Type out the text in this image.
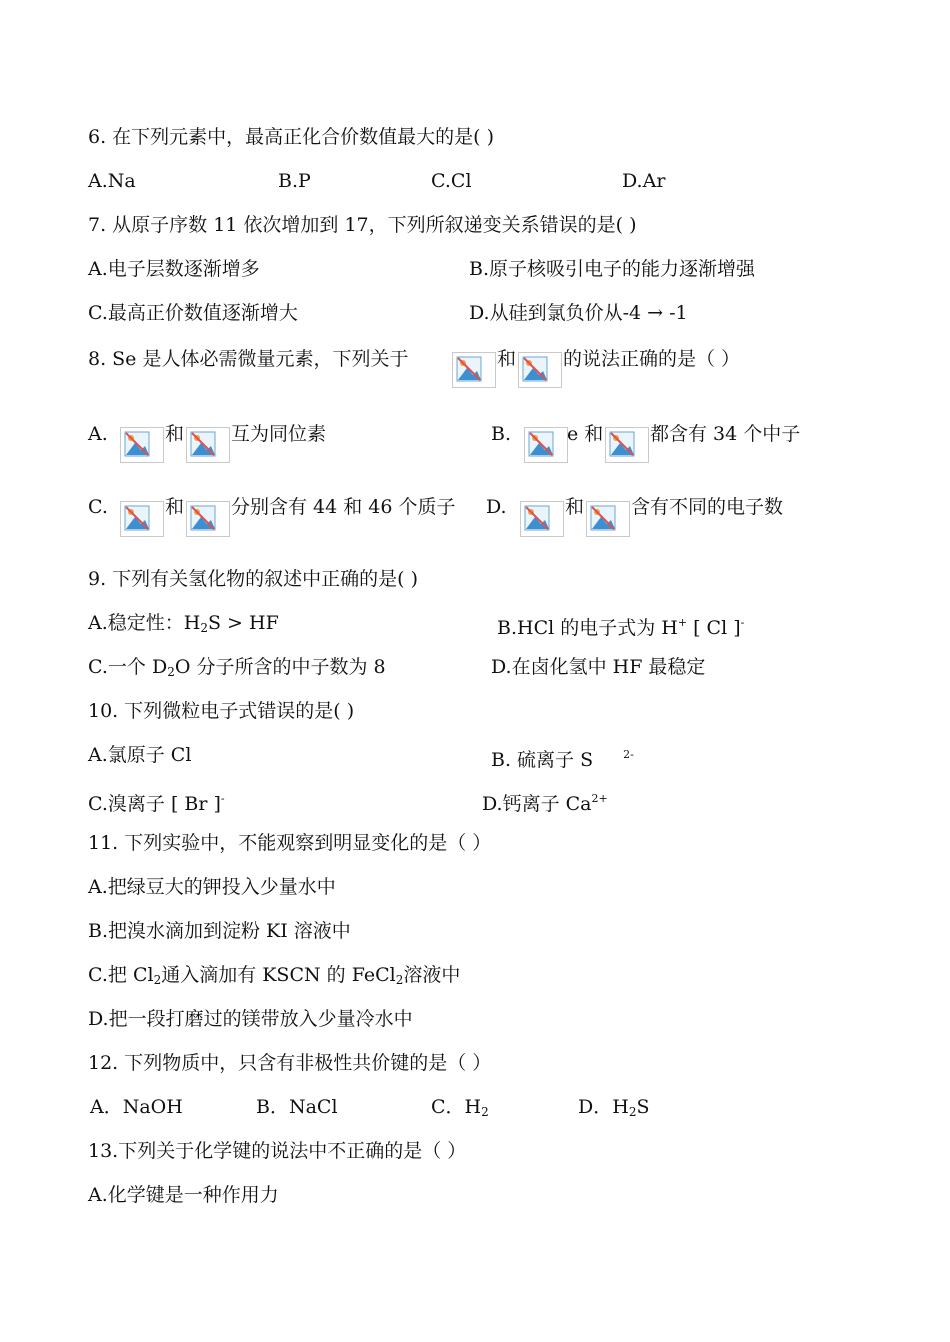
6. 在下列元素中，最高正化合价数值最大的是( )
A.Na	B.P	C.Cl	D.Ar
7. 从原子序数 11 依次增加到 17，下列所叙递变关系错误的是( )
A.电子层数逐渐增多	B.原子核吸引电子的能力逐渐增强
C.最高正价数值逐渐增大	D.从硅到氯负价从-4 → -1
8. Se 是人体必需微量元素，下列关于	和 的说法正确的是（ ）
A.	和 互为同位素	B.	e 和 都含有 34 个中子
C.	和 分别含有 44 和 46 个质子 D.	和 含有不同的电子数
9. 下列有关氢化物的叙述中正确的是( )
A.稳定性：$H_2S$ > HF	B.HCl 的电子式为 H+ [ Cl ]-
C.一个 $D_2O$ 分子所含的中子数为 8	D.在卤化氢中 HF 最稳定
10. 下列微粒电子式错误的是( )
A.氯原子 Cl	B. 硫离子 S	$^{2-}$
C.溴离子 [ Br ]-	D.钙离子 $Ca^{2+}$
11. 下列实验中，不能观察到明显变化的是（ ）
A.把绿豆大的钾投入少量水中
B.把溴水滴加到淀粉 KI 溶液中
C.把 $Cl_2$通入滴加有 KSCN 的 FeCl$_2$溶液中
D.把一段打磨过的镁带放入少量冷水中
12. 下列物质中，只含有非极性共价键的是（ ）
A．NaOH	B．NaCl	C．$H_2$	D．$H_2S$
13.下列关于化学键的说法中不正确的是（ ）
A.化学键是一种作用力
